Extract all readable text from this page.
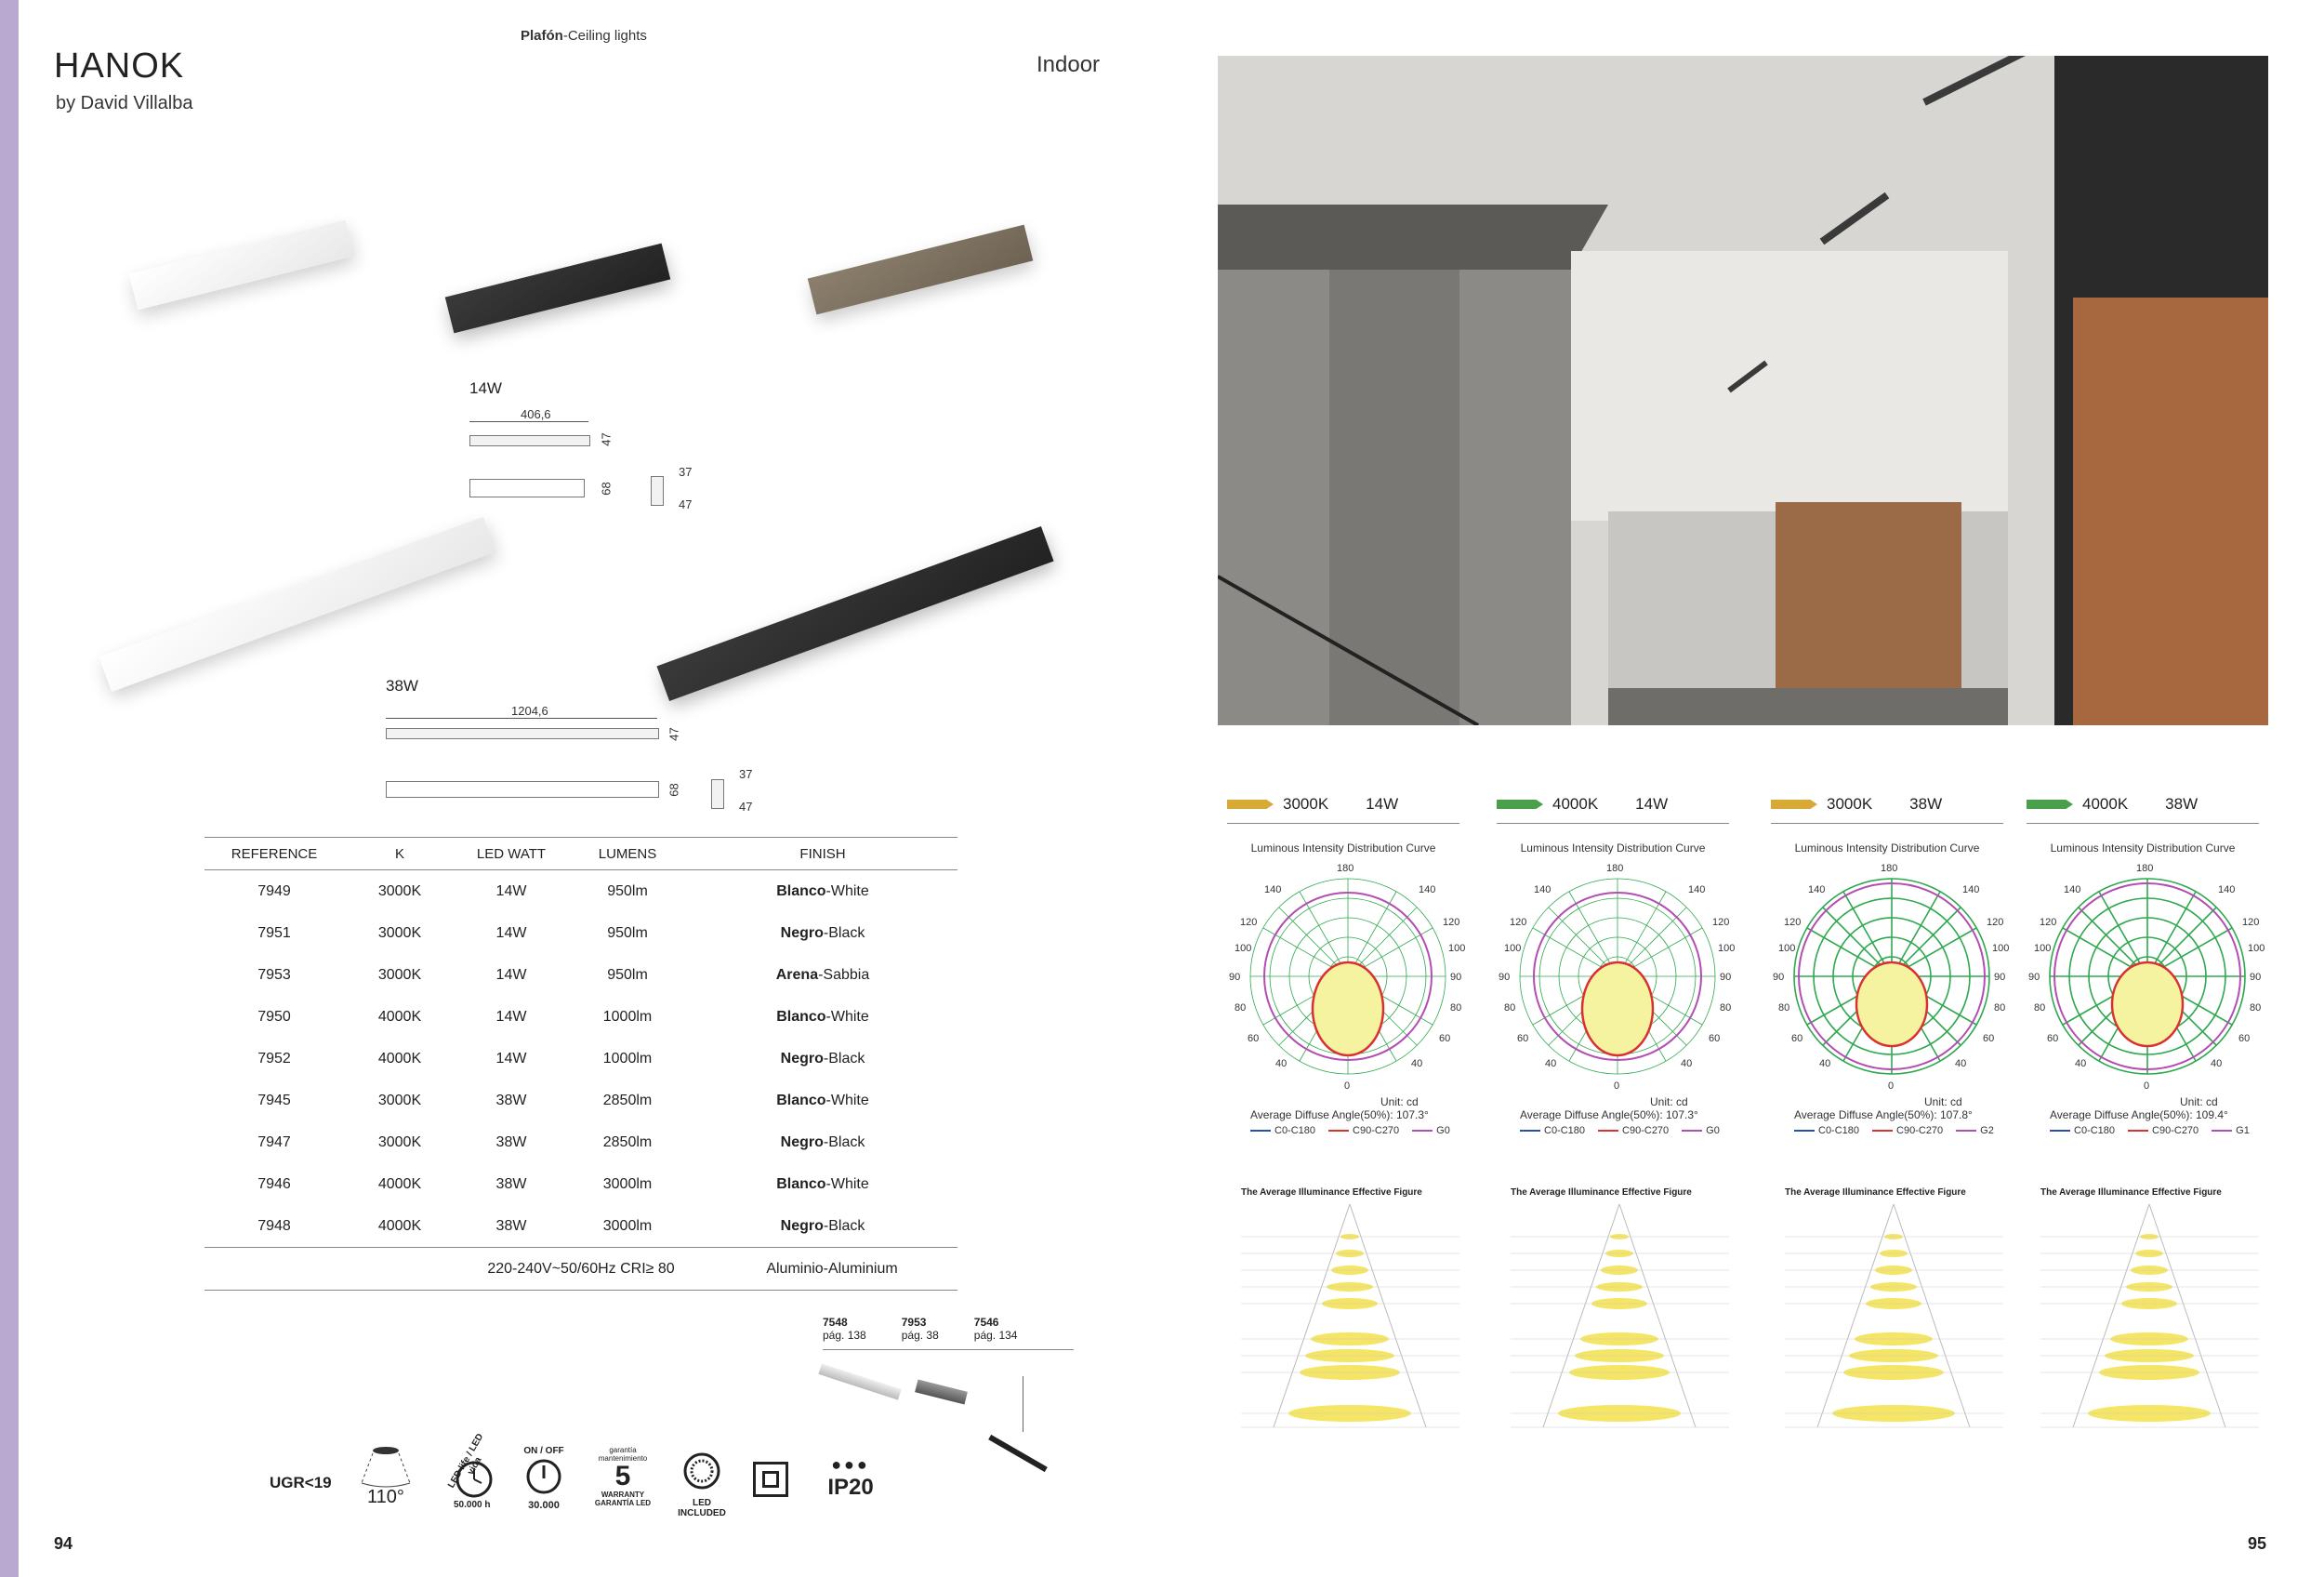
Plafón-Ceiling lights
HANOK
by David Villalba
Indoor
14W
406,6
47
68
37
47
38W
1204,6
47
68
37
47
REFERENCE	K	LED WATT	LUMENS	FINISH
7949	3000K	14W	950lm	Blanco-White
7951	3000K	14W	950lm	Negro-Black
7953	3000K	14W	950lm	Arena-Sabbia
7950	4000K	14W	1000lm	Blanco-White
7952	4000K	14W	1000lm	Negro-Black
7945	3000K	38W	2850lm	Blanco-White
7947	3000K	38W	2850lm	Negro-Black
7946	4000K	38W	3000lm	Blanco-White
7948	4000K	38W	3000lm	Negro-Black
220-240V~50/60Hz CRI≥ 80	Aluminio-Aluminium
7548
pág. 138
7953
pág. 38
7546
pág. 134
UGR<19
110°
LED life / LED vida
50.000 h
ON / OFF
30.000
garantía mantenimiento
5
WARRANTY GARANTÍA LED	LED INCLUDED
●●●
IP20
94	95
3000K 14W
Luminous Intensity Distribution Curve
90	90
100	100
120	120
140	140
180
80	80
60	60
40	40
0
Unit: cd
Average Diffuse Angle(50%): 107.3°
C0-C180	C90-C270	G0
The Average Illuminance Effective Figure
4000K 14W
Luminous Intensity Distribution Curve
90	90
100	100
120	120
140	140
180
80	80
60	60
40	40
0
Unit: cd
Average Diffuse Angle(50%): 107.3°
C0-C180	C90-C270	G0
The Average Illuminance Effective Figure
3000K 38W
Luminous Intensity Distribution Curve
90	90
100	100
120	120
140	140
180
80	80
60	60
40	40
0
Unit: cd
Average Diffuse Angle(50%): 107.8°
C0-C180	C90-C270	G2
The Average Illuminance Effective Figure
4000K 38W
Luminous Intensity Distribution Curve
90	90
100	100
120	120
140	140
180
80	80
60	60
40	40
0
Unit: cd
Average Diffuse Angle(50%): 109.4°
C0-C180	C90-C270	G1
The Average Illuminance Effective Figure
